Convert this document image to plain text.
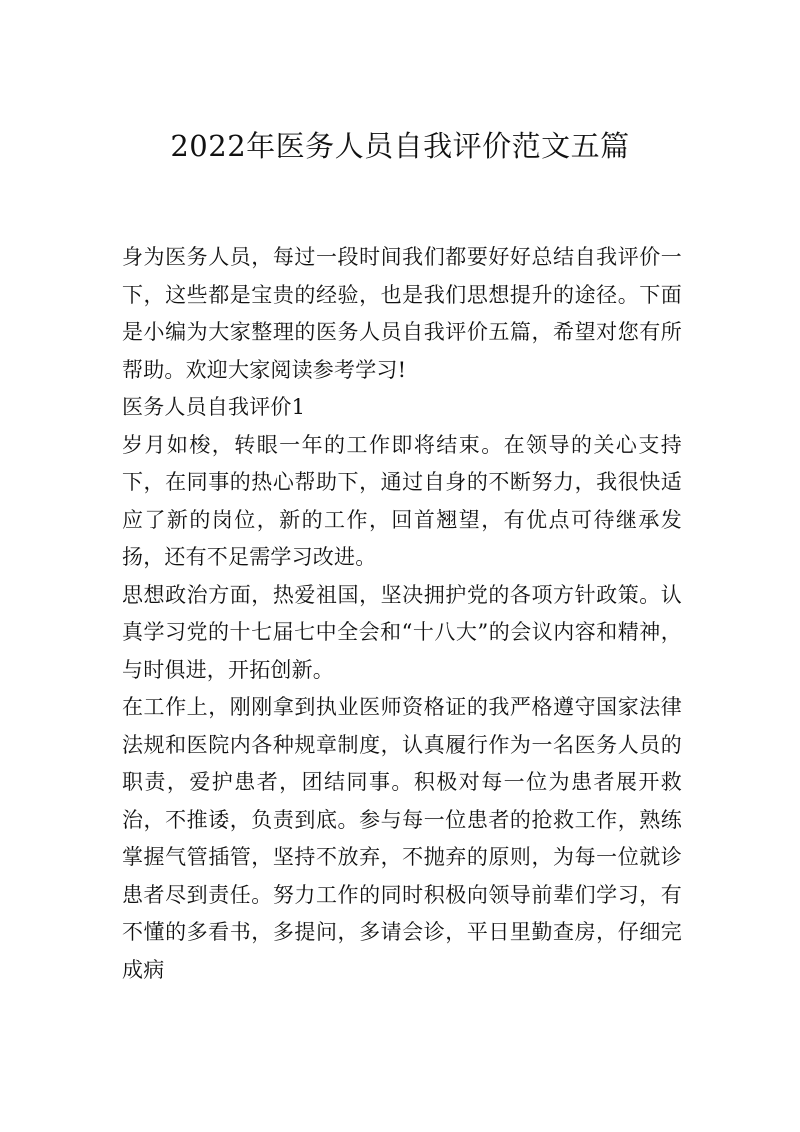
2022年医务人员自我评价范文五篇

身为医务人员，每过一段时间我们都要好好总结自我评价一下，这些都是宝贵的经验，也是我们思想提升的途径。下面是小编为大家整理的医务人员自我评价五篇，希望对您有所帮助。欢迎大家阅读参考学习!

医务人员自我评价1

岁月如梭，转眼一年的工作即将结束。在领导的关心支持下，在同事的热心帮助下，通过自身的不断努力，我很快适应了新的岗位，新的工作，回首翘望，有优点可待继承发扬，还有不足需学习改进。

思想政治方面，热爱祖国，坚决拥护党的各项方针政策。认真学习党的十七届七中全会和“十八大”的会议内容和精神，与时俱进，开拓创新。

在工作上，刚刚拿到执业医师资格证的我严格遵守国家法律法规和医院内各种规章制度，认真履行作为一名医务人员的职责，爱护患者，团结同事。积极对每一位为患者展开救治，不推诿，负责到底。参与每一位患者的抢救工作，熟练掌握气管插管，坚持不放弃，不抛弃的原则，为每一位就诊患者尽到责任。努力工作的同时积极向领导前辈们学习，有不懂的多看书，多提问，多请会诊，平日里勤查房，仔细完成病
